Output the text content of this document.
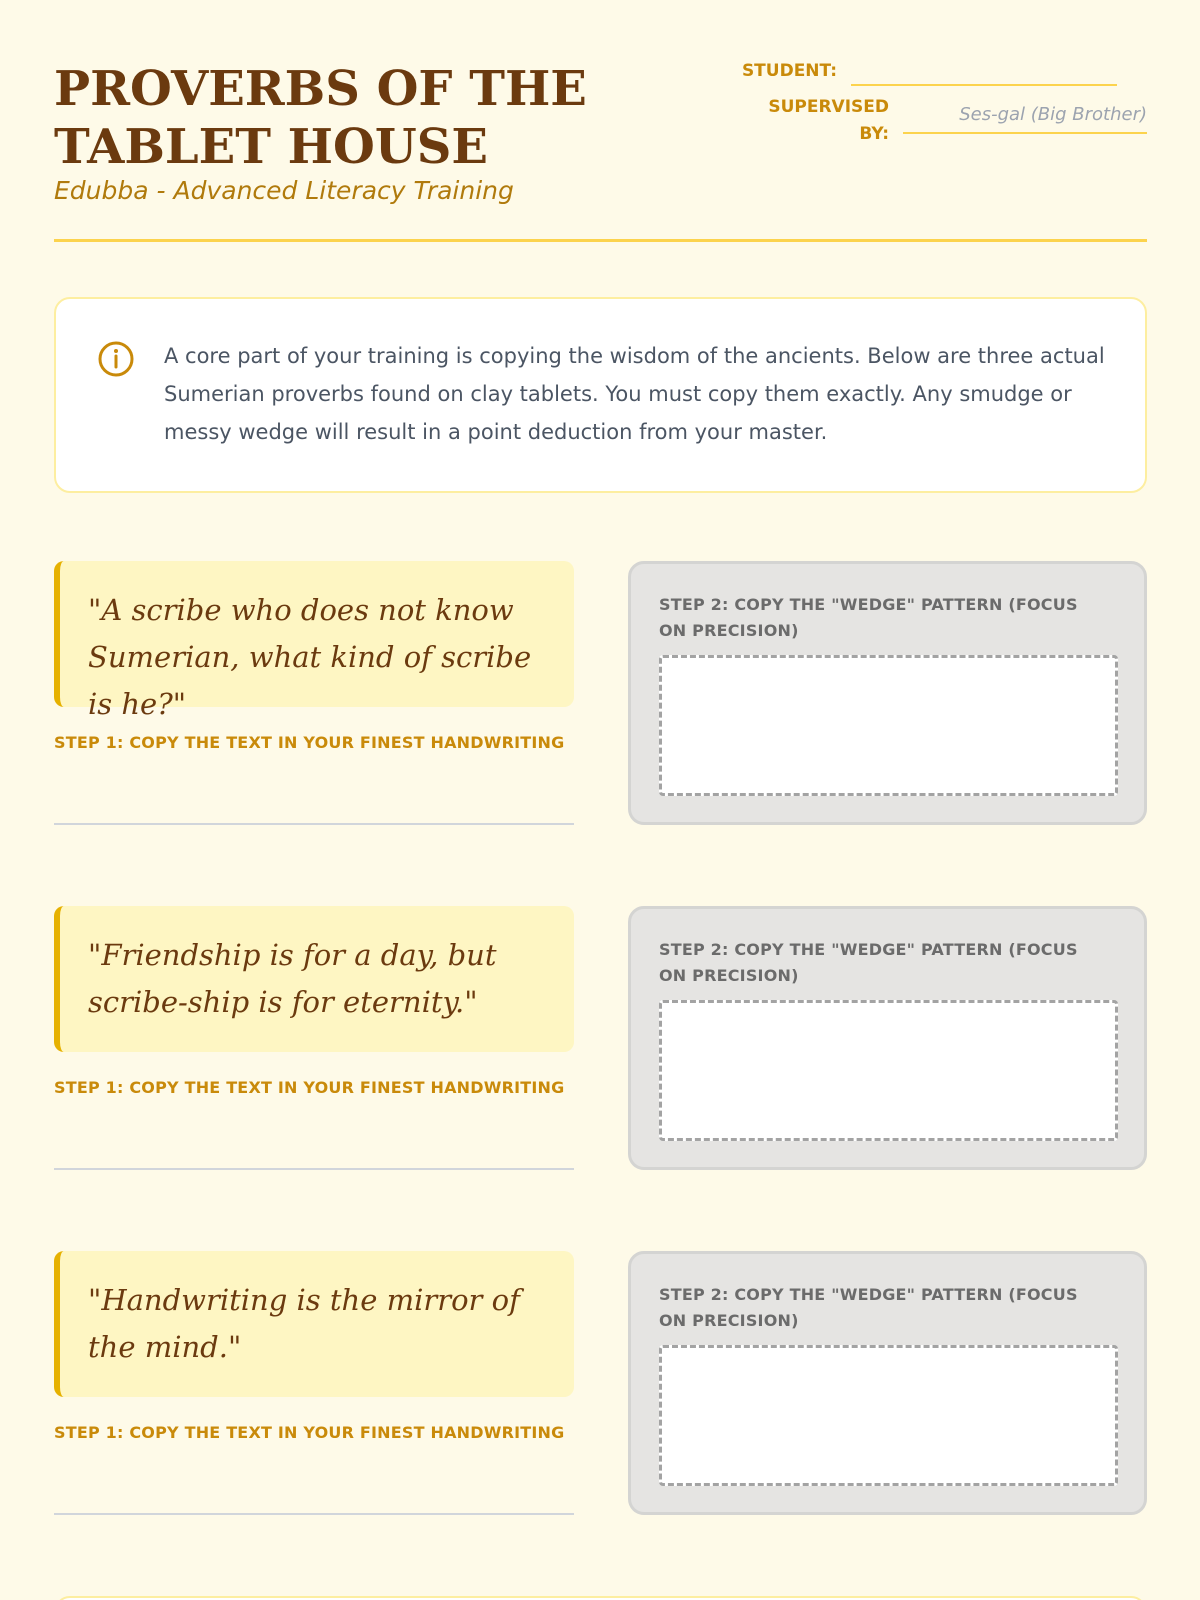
PROVERBS OF THE TABLET HOUSE
Edubba - Advanced Literacy Training
STUDENT:
SUPERVISED
BY:
Ses-gal (Big Brother)

A core part of your training is copying the wisdom of the ancients. Below are three actual Sumerian proverbs found on clay tablets. You must copy them exactly. Any smudge or messy wedge will result in a point deduction from your master.

"A scribe who does not know Sumerian, what kind of scribe is he?"
STEP 1: COPY THE TEXT IN YOUR FINEST HANDWRITING
STEP 2: COPY THE "WEDGE" PATTERN (FOCUS ON PRECISION)
"Friendship is for a day, but scribe-ship is for eternity."
STEP 1: COPY THE TEXT IN YOUR FINEST HANDWRITING
STEP 2: COPY THE "WEDGE" PATTERN (FOCUS ON PRECISION)
"Handwriting is the mirror of the mind."
STEP 1: COPY THE TEXT IN YOUR FINEST HANDWRITING
STEP 2: COPY THE "WEDGE" PATTERN (FOCUS ON PRECISION)
